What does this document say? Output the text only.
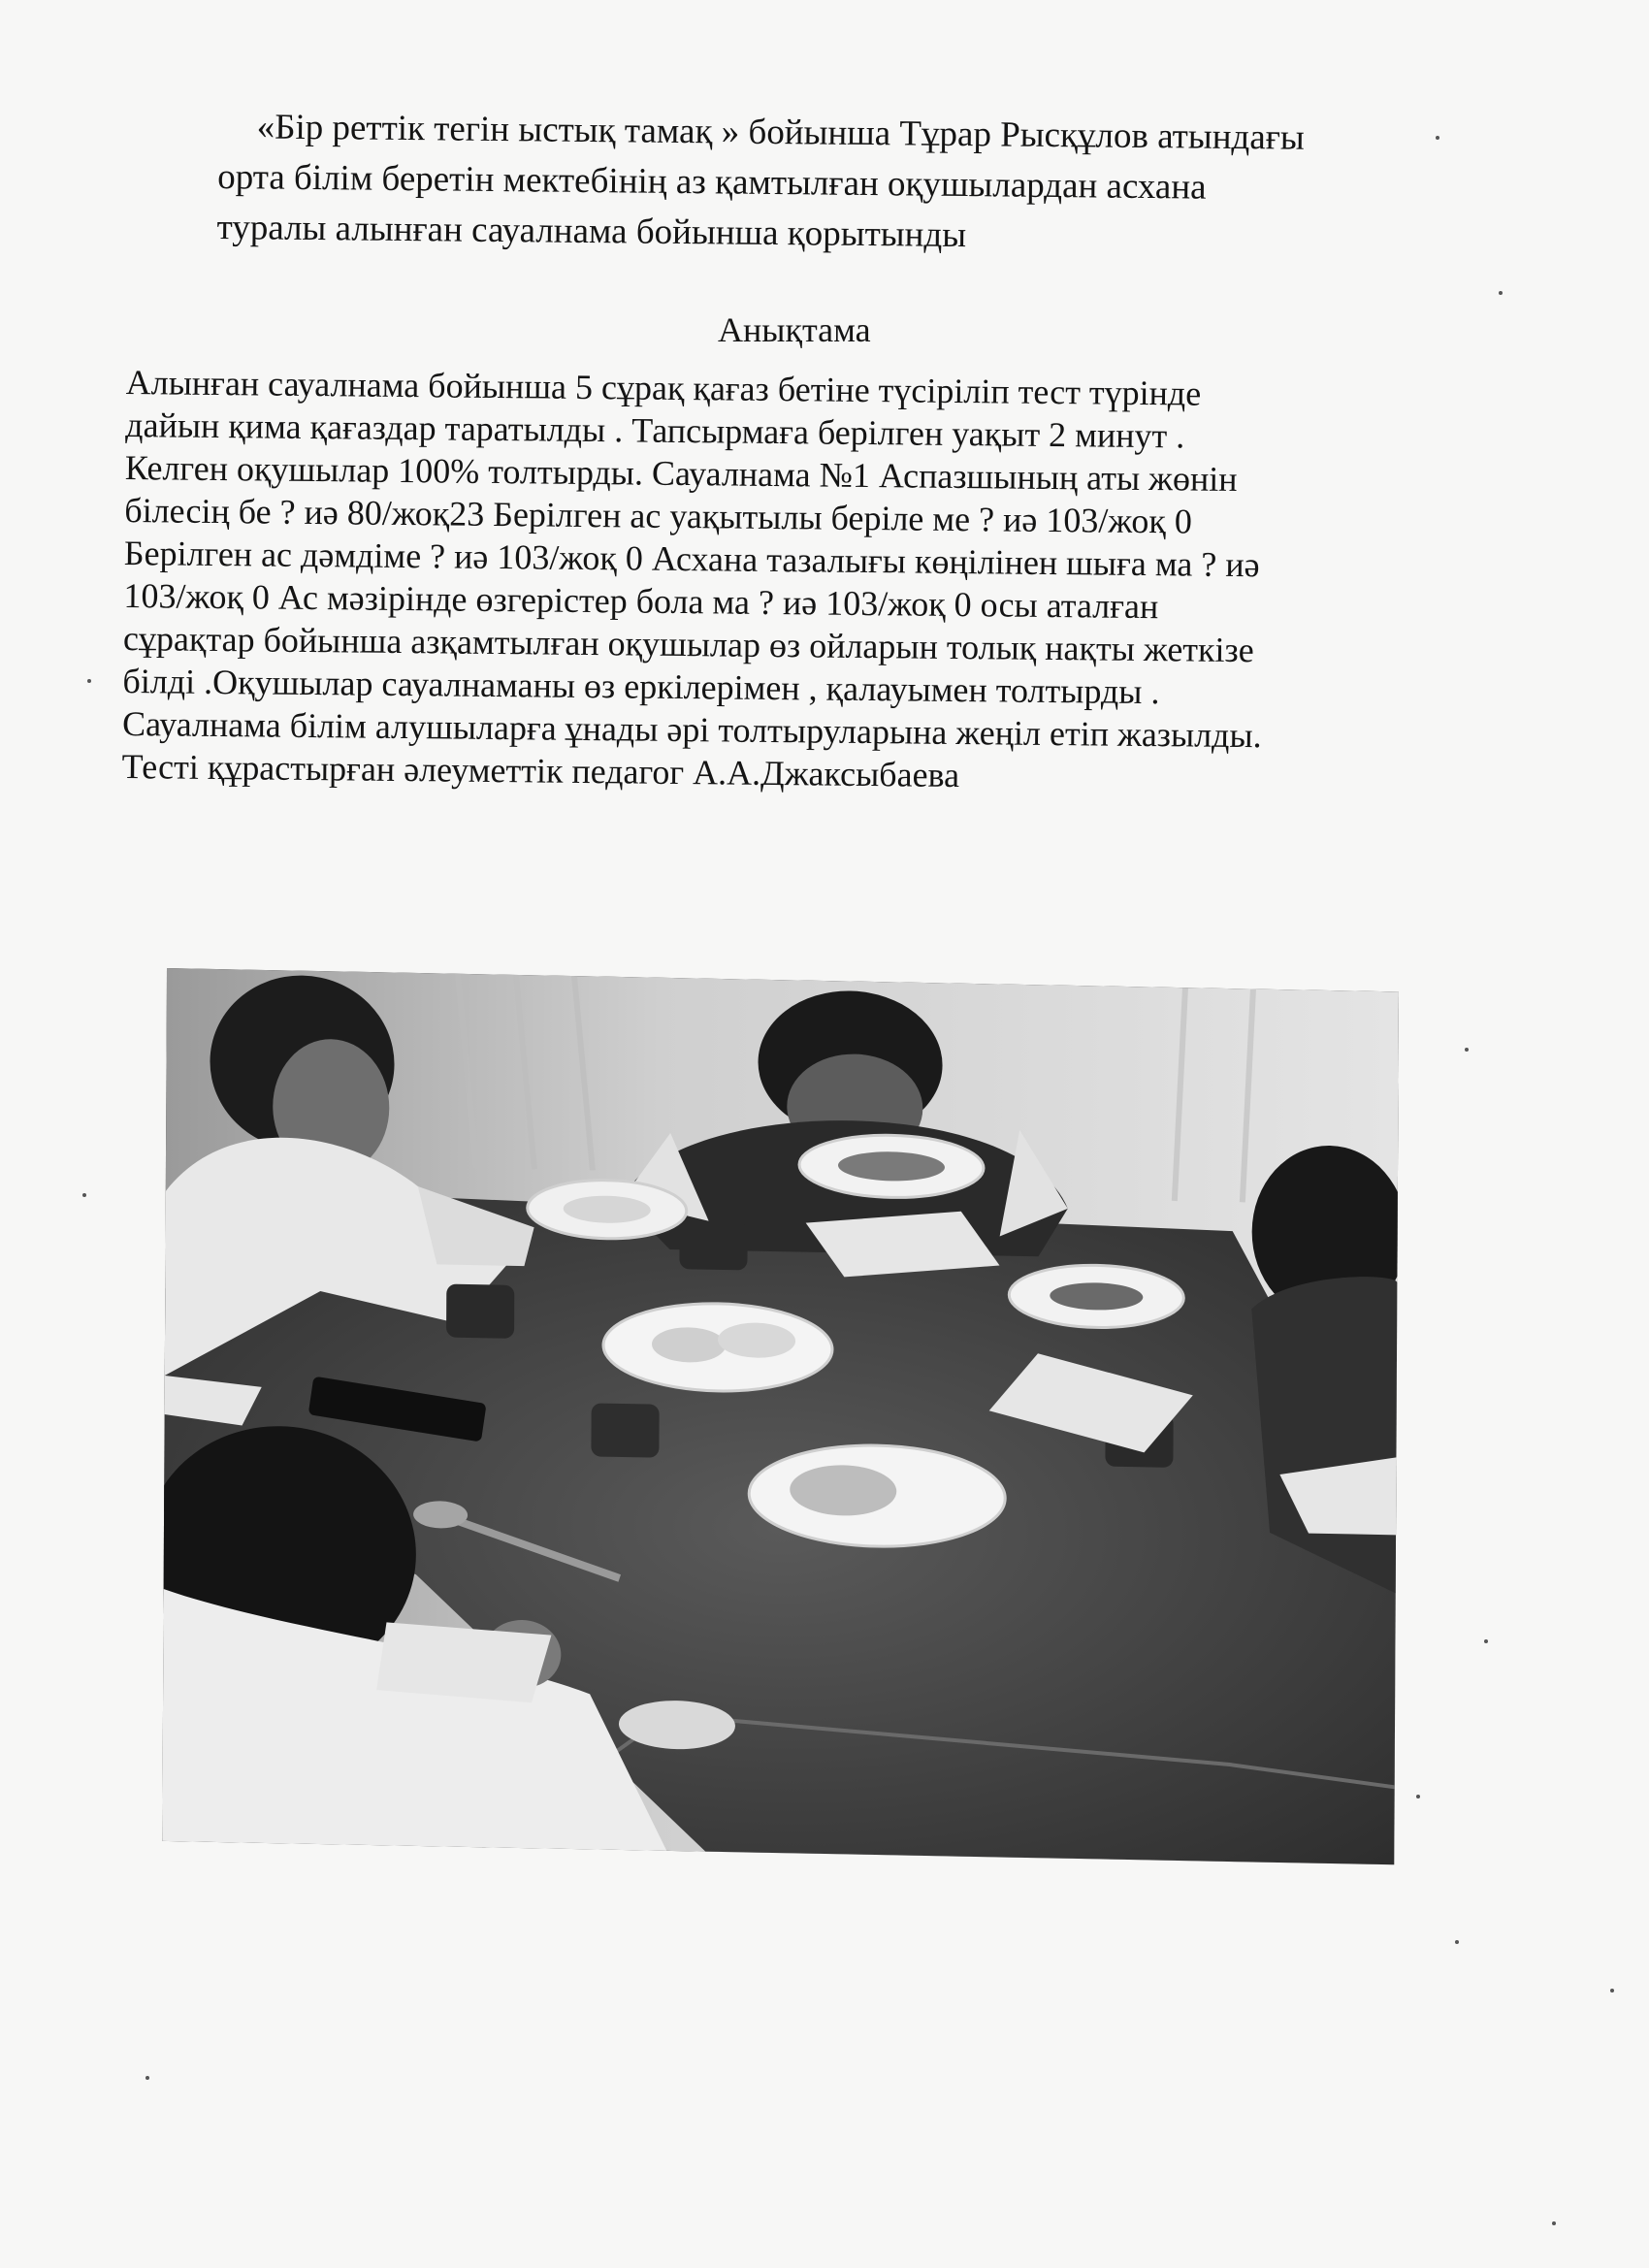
«Бір реттік тегін ыстық тамақ » бойынша Тұрар Рысқұлов атындағы
орта білім беретін мектебінің аз қамтылған оқушылардан асхана
туралы алынған сауалнама бойынша қорытынды
Анықтама

Алынған сауалнама бойынша 5 сұрақ қағаз бетіне түсіріліп тест түрінде
дайын қима қағаздар таратылды . Тапсырмаға берілген уақыт 2 минут .
Келген оқушылар 100% толтырды. Сауалнама №1 Аспазшының аты жөнін
білесің бе ? иә 80/жоқ23 Берілген ас уақытылы беріле ме ? иә 103/жоқ 0
Берілген ас дәмдіме ? иә 103/жоқ 0 Асхана тазалығы көңілінен шыға ма ? иә
103/жоқ 0 Ас мәзірінде өзгерістер бола ма ? иә 103/жоқ 0 осы аталған
сұрақтар бойынша азқамтылған оқушылар өз ойларын толық нақты жеткізе
білді .Оқушылар сауалнаманы өз еркілерімен , қалауымен толтырды .
Сауалнама білім алушыларға ұнады әрі толтыруларына жеңіл етіп жазылды.
Тесті құрастырған әлеуметтік педагог А.А.Джаксыбаева
